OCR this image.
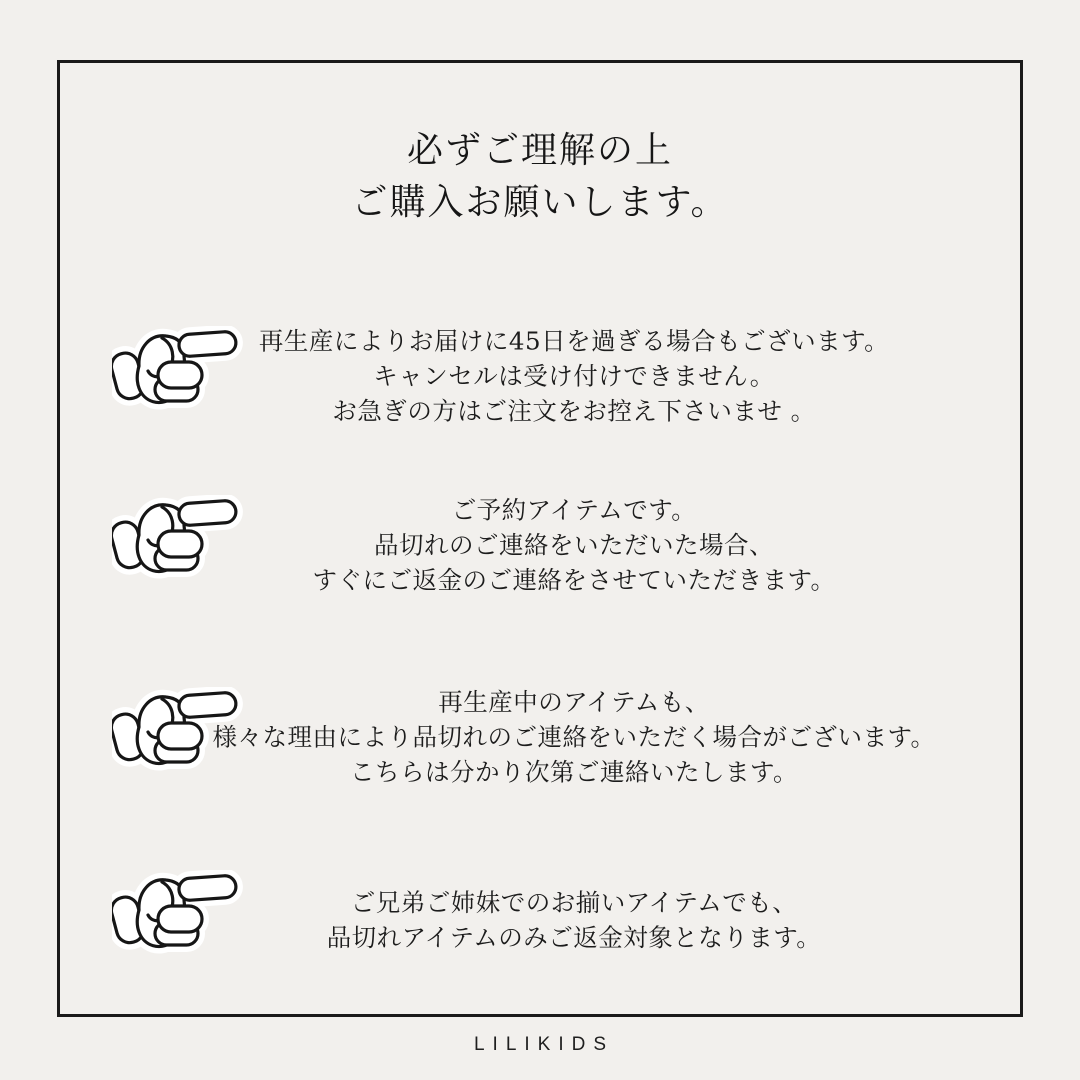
必ずご理解の上
ご購入お願いします。
再生産によりお届けに45日を過ぎる場合もございます。
キャンセルは受け付けできません。
お急ぎの方はご注文をお控え下さいませ 。
ご予約アイテムです。
品切れのご連絡をいただいた場合、
すぐにご返金のご連絡をさせていただきます。
再生産中のアイテムも、
様々な理由により品切れのご連絡をいただく場合がございます。
こちらは分かり次第ご連絡いたします。
ご兄弟ご姉妹でのお揃いアイテムでも、
品切れアイテムのみご返金対象となります。
LILIKIDS
